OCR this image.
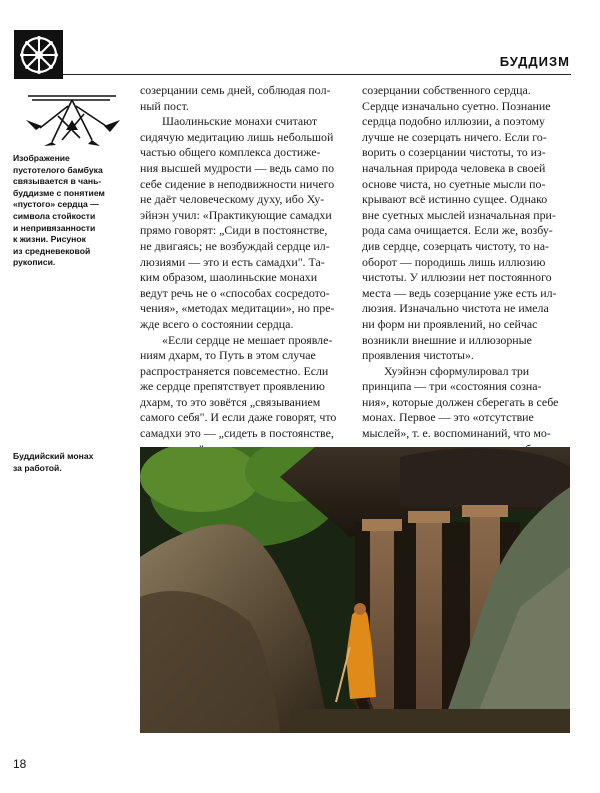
БУДДИЗМ
Изображение
пустотелого бамбука
связывается в чань-
буддизме с понятием
«пустого» сердца —
символа стойкости
и непривязанности
к жизни. Рисунок
из средневековой
рукописи.
Буддийский монах
за работой.
созерцании семь дней, соблюдая пол-
ный пост.
Шаолиньские монахи считают
сидячую медитацию лишь небольшой
частью общего комплекса достиже-
ния высшей мудрости — ведь само по
себе сидение в неподвижности ничего
не даёт человеческому духу, ибо Ху-
эйнэн учил: «Практикующие самадхи
прямо говорят: „Сиди в постоянстве,
не двигаясь; не возбуждай сердце ил-
люзиями — это и есть самадхи". Та-
ким образом, шаолиньские монахи
ведут речь не о «способах сосредото-
чения», «методах медитации», но пре-
жде всего о состоянии сердца.
«Если сердце не мешает проявле-
ниям дхарм, то Путь в этом случае
распространяется повсеместно. Если
же сердце препятствует проявлению
дхарм, то это зовётся „связыванием
самого себя". И если даже говорят, что
самадхи это — „сидеть в постоянстве,
созерцании собственного сердца.
Сердце изначально суетно. Познание
сердца подобно иллюзии, а поэтому
лучше не созерцать ничего. Если го-
ворить о созерцании чистоты, то из-
начальная природа человека в своей
основе чиста, но суетные мысли по-
крывают всё истинно сущее. Однако
вне суетных мыслей изначальная при-
рода сама очищается. Если же, возбу-
див сердце, созерцать чистоту, то на-
оборот — породишь лишь иллюзию
чистоты. У иллюзии нет постоянного
места — ведь созерцание уже есть ил-
люзия. Изначально чистота не имела
ни форм ни проявлений, но сейчас
возникли внешние и иллюзорные
проявления чистоты».
Хуэйнэн сформулировал три
принципа — три «состояния созна-
ния», которые должен сберегать в себе
монах. Первое — это «отсутствие
мыслей», т. е. воспоминаний, что мо-
18
